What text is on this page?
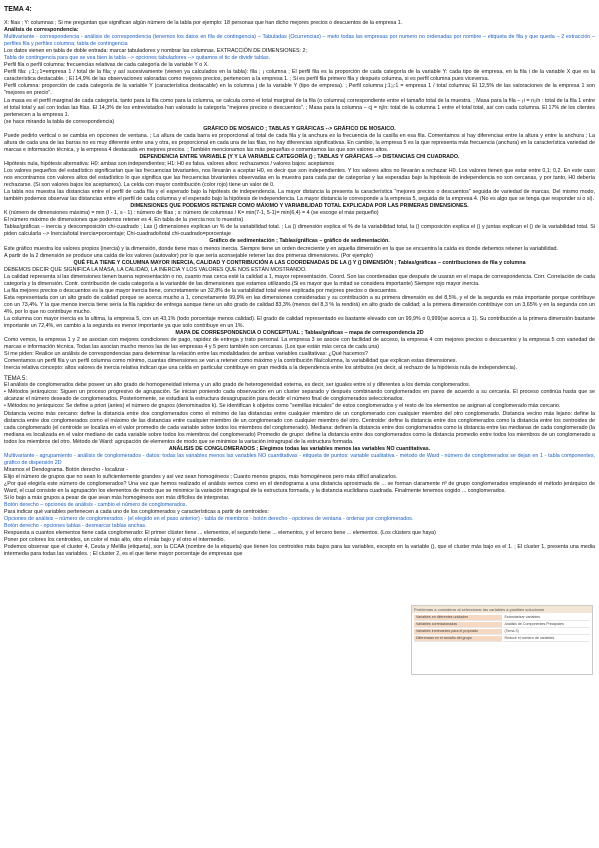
TEMA 4:

X: filas ; Y: columnas ; Si me preguntan que significan algún número de la tabla por ejemplo: 18 personas que han dicho mejores precios o descuentos de la empresa 1.

Análisis de correspondencia:

Multivariante - correspondencia - análisis de correspondencia (tenemos los datos en fila de contingencia) – Tabuladas (Ocurrencias) – meto todas las empresas por numero no ordenadas por nombre – etiqueta de fila y que queda – 2 extracción – perfiles fila y perfiles columna; tabla de contingencia

Los datos vienen en tabla de doble entrada: marcar tabuladores y nombrar las columnas. EXTRACCIÓN DE DIMENSIONES: 2;

Tabla de contingencia para que se vea bien la tabla --> opciones tabuladores --> quitamos el tic de dividir tablas.

Perfil fila o perfil columna: frecuencias relativas de cada categoría de la variable Y o X.

Perfil fila: ¡:1;¡:1=empresa 1 / total de la fila; y así sucesivamente (vienen ya calculados en la tabla): fila ; ¡ columna ; El perfil fila es la proporción de cada categoría de la variable Y: cada tipo de empresa, en la fila i de la variable X que es la característica destacable. ; El 14,9% de las observaciones valoradas como mejores precios, pertenecen a la empresa 1. ; Si es perfil fila primero fila y después columna, si es perfil columna pues viceversa.

Perfil columna: proporción de cada categoría de la variable Y (característica destacable) en la columna j de la variable Y (tipo de empresa). ; Perfil columna j:1;¡:1 = empresa 1 / total columna; El 12,5% de las valoraciones de la empresa 1 son "mejores en precio".

La masa es el perfil marginal de cada categoría, tanto para la fila como para la columna, se calcula como el total marginal de la fila (o columna) correspondiente entre el tamaño total de la muestra. ; Masa para la fila – ¡i = n¡/n : total de la fila 1 entre el total total y así con todas las filas. El 14,3% de los entrevistados han valorado la categoría "mejores precios o descuentos". ; Masa para la columna – cj = nj/n: total de la columna 1 entre el total total, así con cada columna. El 17% de los clientes pertenecen a la empresa 1.

(se hace mirando la tabla de correspondencia)

GRÁFICO DE MOSAICO ; TABLAS Y GRÁFICAS --> GRÁFICO DE MOSAICO.

Puede pedirlo vertical o se cambia en opciones de ventana. ; La altura de cada barra es proporcional al total de cada fila y la anchura es la frecuencia de la casilla en esa fila. Comentamos si hay diferencias entre la altura y entre la anchura ; La altura de cada una de las barras no es muy diferente entre una y otra, es proporcional en cada una de las filas, no hay diferencias significativas. En cambio, la empresa 5 es la que representa más frecuencia (anchura) en la característica variedad de marcas e información técnica, y la empresa 4 destacada en mejores precios. ; También mencionamos las más pequeñas o comentamos las que son valores altos.

DEPENDENCIA ENTRE VARIABLE (Y Y LA VARIABLE CATEGORÍA () ; TABLAS Y GRÁFICAS --> DISTANCIAS CHI CUADRADO.

Hipótesis nula, hipótesis alternativa: H0: ambas son independientes; H1: H0 es falsa. valores altos: rechazamos / valores bajos: aceptamos

Los valores pequeños del estadístico significarían que las frecuencias bivariantes, nos llevarán a aceptar H0, es decir que son independientes. Y los valores altos no llevarán a rechazar H0. Los valores tienen que estar entre 0,1; 0,2. En este caso nos encontramos con valores altos del estadístico lo que significa que las frecuencias bivariantes observadas en la muestra para cada par de categorías y las esperadas bajo la hipótesis de independencia no son cercanas, y por tanto, H0 debería rechazarse. (Si son valores bajos los aceptamos). La celda con mayor contribución (color rojo) tiene un valor de 0.

La tabla nos muestra las distancias entre el perfil de cada fila y el esperado bajo la hipótesis de independencia. La mayor distancia la presenta la característica "mejores precios o descuentos" seguida de variedad de marcas. Del mismo modo, también podemos observar las distancias entre el perfil de cada columna y el esperado bajo la hipótesis de independencia. La mayor distancia le corresponde a la empresa 5, seguida de la empresa 4. (No es algo que se tenga que responder si o si).

DIMENSIONES QUE PODEMOS RETENER COMO MÁXIMO Y VARIABILIDAD TOTAL EXPLICADA POR LAS PRIMERAS DIMENSIONES.

K (número de dimensiones máxima) = min (I - 1, s - 1) : número de filas ; s: número de columnas / K= min(7-1, 5-1)= min(6,4) = 4 (se escoge el más pequeño)

El número máximo de dimensiones que podemos retener es 4. En tabla de la ¡nercia nos lo muestra)

Tablas/gráficas – inercia y descomposición chi-cuadrado ; Las () dimensiones explican un % de la variabilidad total. ; La () dimensión explica el % de la variabilidad total, la () composición explica el () y juntas explican el () de la variabilidad total. Si piden calcularla --> Inercia/total inercia=porcentaje; Chi-cuadrado/total chi-cuadrado=porcentaje

Gráfico de sedimentación ; Tablas/gráficas – gráfico de sedimentación.

Este gráfico muestra los valores propios (inercia) y la dimensión, donde tiene mas o menos inercia. Siempre tiene un orden decreciente y en aquella dimensión en la que se encuentra la caída es donde debemos retener la variabilidad.

A partir de la 2 dimensión se produce una caída de los valores (autovalor) por lo que sería aconsejable retener las dos primeras dimensiones. (Por ejemplo)

QUÉ FILA TIENE Y COLUMNA MAYOR INERCIA, CALIDAD Y CONTRIBUCIÓN A LAS COORDENADAS DE LA () Y () DIMENSIÓN ; Tablas/gráficas – contribuciones de fila y columna

DEBEMOS DECIR QUE SIGNIFICA LA MASA, LA CALIDAD, LA INERCIA Y LOS VALORES QUE NOS ESTÁN MOSTRANDO.

La calidad representa si las dimensiones tienen buena representación o no, cuanto mas cerca esté la calidad a 1, mayor representación. Coord. Son las coordenadas que después de usaran en el mapa de correspondencia. Corr. Correlación de cada categoría y la dimensión. Contr. contribución de cada categoría a la varianble de las dimensiones que estamos utilizando.(Si es mayor que la mitad se considera importante) Siempre rojo mayor inercia.

La fila mejores precios o descuentos es la que mayor inercia tiene, concretamente un 32,8% de la variabilidad total viene explicada por mejores precios o descuentos.

Esta representada con un alto grado de calidad porque se acerca mucho a 1, concretamente 99,9% en las dimensiones consideradas y su contribución a su primera dimensión es del 8,5%, y el de la segunda es más importante porque contribuye con un 73,4%. Y la que menos inercia tiene sería la fila rapidez de entrega aunque tiene un alto grado de calidad 83,3% (menos del 8,3 % la rendirá) en alto grado de calidad; a la primera dimensión contribuye con un 3,65% y en la segunda con un 4%, por lo que no contribuye mucho.

La columna con mayor inercia es la ultima, la empresa 5, con un 43,1% (todo porcentaje menos calidad). El grado de calidad representado es bastante elevado con un 99,9% o 0,999(se acerca a 1). Su contribución a la primera dimensión bastante importante un 72,4%, en cambio a la segunda es menor importante ya que solo contribuye en un 1%.

MAPA DE CORRESPONDENCIA O CONCEPTUAL ; Tablas/gráficas – mapa de correspondencia 2D

Como vemos, la empresa 1 y 2 se asocian con mejores condiciones de pago, rapidez de entrega y trato personal. La empresa 3 se asocie con facilidad de acceso, la empresa 4 con mejores precios o descuentos y la empresa 5 con variedad de marcas e información técnica. Todas las asocian mucho menos las de las empresas 4 y 5 pero también son cercanas. (Los que están más cerca de cada una)

Si me piden: Realice un análisis de correspondencias para determinar la relación entre las modalidades de ambas variables cualitativas: ¿Qué hacemos?

Comentamos un perfil fila y un perfil columna como mínimo, cuantas dimensiones se van a retener como máximo y la contribución fila/columna, la variabilidad que explican estas dimensiones.

Inercia relativa concepto: altos valores de inercia relativa indican que una celda en particular contribuye en gran medida a la dependencia entre los atributos (es decir, al rechazo de la hipótesis nula de independencia).

TEMA 5:

El análisis de conglomerados debe poseer un alto grado de homogeneidad interna y un alto grado de heterogeneidad externa, es decir, ser iguales entre sí y diferentes a los demás conglomerados.

• Métodos jerárquicos: Siguen un proceso progresivo de agrupación. Se inician poniendo cada observación en un cluster separado y después combinando conglomerados en pares de acuerdo a su cercanía. El proceso continúa hasta que se alcanzar el número deseado de conglomerados. Posteriormente, se estudiará la estructura desagrupación para decidir el número final de conglomerados seleccionados.

• Métodos no jerárquicos: Se define a priori (antes) el número de grupos (denominados k). Se identifican k objetos como "semillas iniciales" de estos conglomerados y el resto de los elementos se asignan al conglomerado más cercano.

Distancia vecino más cercano: define la distancia entre dos conglomerados como el mínimo de las distancias entre cualquier miembro de un conglomerado con cualquier miembro del otro conglomerado. Distancia vecino más lejano: define la distancia entre dos conglomerados como el máximo de las distancias entre cualquier miembro de un conglomerado con cualquier miembro del otro. Centroide: define la distancia entre dos conglomerados como la distancia entre los centroides de cada conglomerado (el centroide se localiza en el valor promedio de cada variable sobre todos los miembros del conglomerado). Mediana: definen la distancia entre dos conglomerados como la distancia entre las medianas de cada conglomerado (la mediana es localizada en el valor mediano de cada variable sobre todos los miembros del conglomerado) Promedio de grupo: define la distancia entre dos conglomerados como la distancia promedio entre todos los miembros de un conglomerado a todos los miembros del otro. Método de Ward: agrupación de elementos de modo que se minimice la variación intragrupal de la estructura formada.

ANÁLISIS DE CONGLOMERADOS ; Elegimos todas las variables menos las variables NO cuantitativas.

Multivariante - agrupamiento - análisis de conglomerados - datos: todas las variables menos las variables NO cuantitativas - etiqueta de puntos: variable cualitativa - método de Ward - número de conglomerados se dejan en 1 - tabla componentes, gráfico de dispersión 2D

Miramos el Dendograma. Botón derecho - localizar -

Elijo el número de grupos que no sean lo suficientemente grandes y así vez sean homogéneos ; Cuanto menos grupos, más homogéneos pero más difícil analizarlos.

¿Por qué elegiría este número de conglomerados? Una vez que hemos realizado el análisis vemos como en el dendograma a una distancia aproximada de ... se forman claramente nº de grupo conglomerados empleando el método jerárquico de Ward, el cual consiste en la agrupación los elementos de modo que se minimice la variación intragrupal de la estructura formada, y la distancia euclidiana cuadrada. Finalmente tenemos cogido ... conglomerados.

Si lo bajo a más grupos a pesar de que sean más homogéneos son más difíciles de interpretar.

Botón derecho – opciones de análisis - cambio el número de conglomerados.

Para indicar qué variables pertenecen a cada uno de los conglomerados y características a partir de centroides:

Opciones de análisis – número de conglomerados - (el elegido en el paso anterior) - tabla de miembros - botón derecho - opciones de ventana - ordenar por conglomerados.

Botón derecho - opciones tablas - desmarcar tablas anchas.

Respuesta a cuantos elementos tiene cada conglomerado: El primer clúster tiene ... elementos, el segundo tiene ... elementos, y el tercero tiene ... elementos. (Los clústers que haya)

Poner por colores los centroides, un color el más alto, otro el más bajo y el otro el intermedio.

Podemos observar que el cluster 4, Ceuta y Melilla (etiqueta), son la CCAA (nombre de la etiqueta) que tienen los centroides más bajos para las variables, excepto en la variable (), que el cluster más bajo es el 1. ; El cluster 1, presenta una media intermedia para todas las variables. ; El cluster 2, es el que tiene mayor porcentaje de empresas que

Problemas a considerar al seleccionar las variables a posibles soluciones
Variables en diferentes unidades	Estandarizar variables
Variables correlacionadas	Análisis de Componentes Principales
Variables irrelevantes para el propósito	(Tema 3)
Diferencias en el tamaño del grupo	Reducir el número de variables
